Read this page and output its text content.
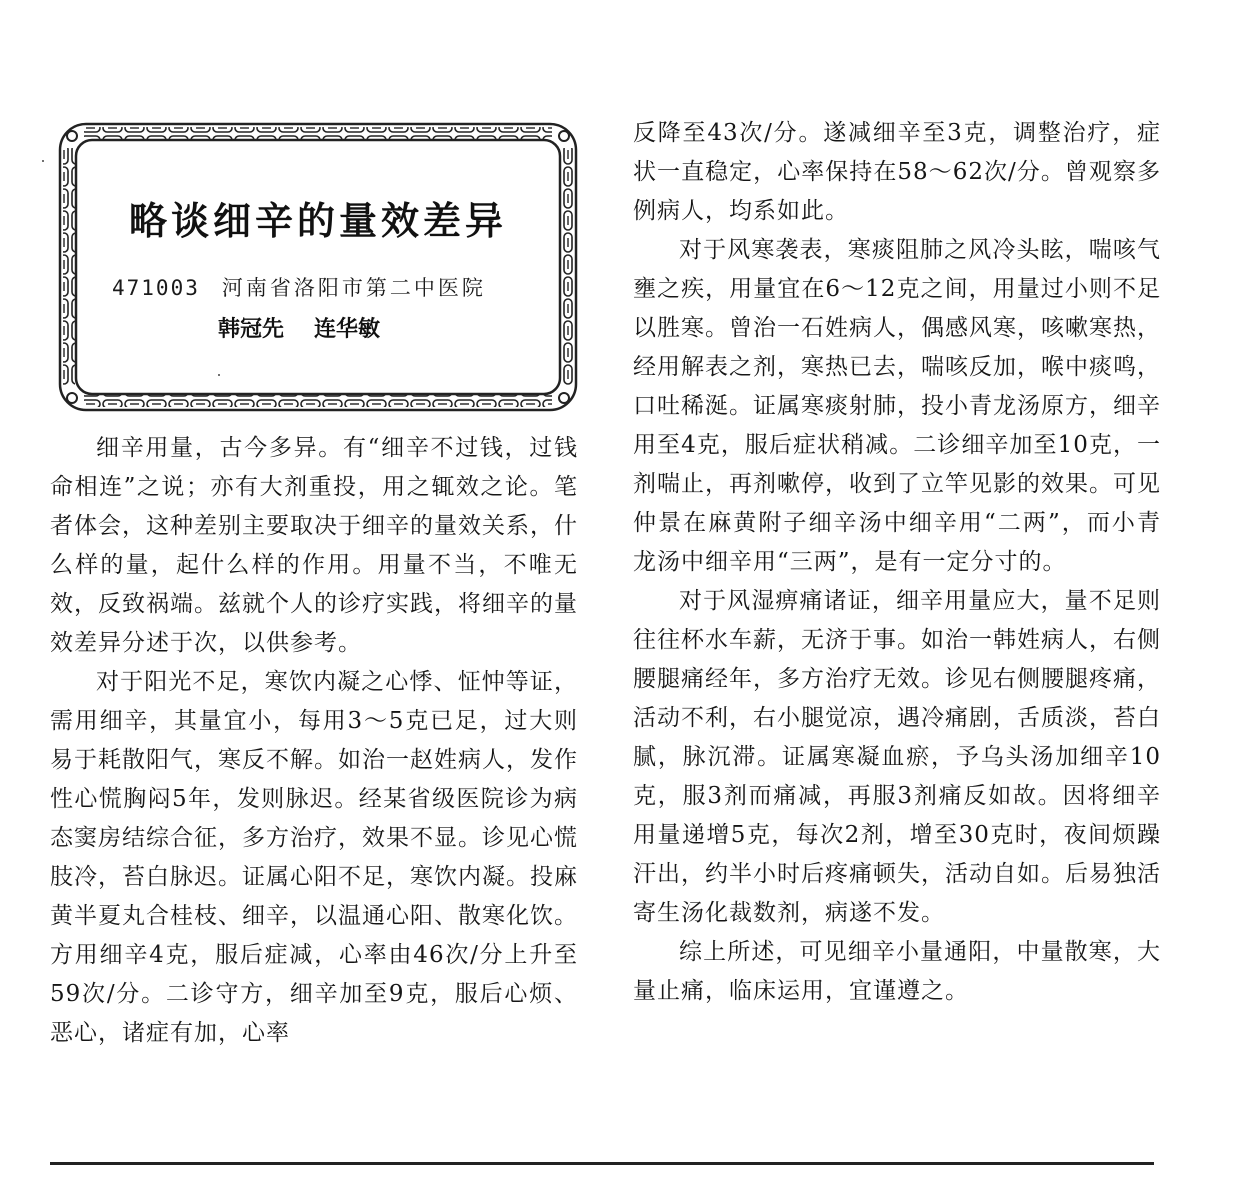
略谈细辛的量效差异
471003 河南省洛阳市第二中医院
韩冠先 连华敏

细辛用量，古今多异。有“细辛不过钱，过钱命相连”之说；亦有大剂重投，用之辄效之论。笔者体会，这种差别主要取决于细辛的量效关系，什么样的量，起什么样的作用。用量不当，不唯无效，反致祸端。兹就个人的诊疗实践，将细辛的量效差异分述于次，以供参考。

对于阳光不足，寒饮内凝之心悸、怔忡等证，需用细辛，其量宜小，每用3～5克已足，过大则易于耗散阳气，寒反不解。如治一赵姓病人，发作性心慌胸闷5年，发则脉迟。经某省级医院诊为病态窦房结综合征，多方治疗，效果不显。诊见心慌肢冷，苔白脉迟。证属心阳不足，寒饮内凝。投麻黄半夏丸合桂枝、细辛，以温通心阳、散寒化饮。方用细辛4克，服后症减，心率由46次/分上升至59次/分。二诊守方，细辛加至9克，服后心烦、恶心，诸症有加，心率

反降至43次/分。遂减细辛至3克，调整治疗，症状一直稳定，心率保持在58～62次/分。曾观察多例病人，均系如此。

对于风寒袭表，寒痰阻肺之风冷头眩，喘咳气壅之疾，用量宜在6～12克之间，用量过小则不足以胜寒。曾治一石姓病人，偶感风寒，咳嗽寒热，经用解表之剂，寒热已去，喘咳反加，喉中痰鸣，口吐稀涎。证属寒痰射肺，投小青龙汤原方，细辛用至4克，服后症状稍减。二诊细辛加至10克，一剂喘止，再剂嗽停，收到了立竿见影的效果。可见仲景在麻黄附子细辛汤中细辛用“二两”，而小青龙汤中细辛用“三两”，是有一定分寸的。

对于风湿痹痛诸证，细辛用量应大，量不足则往往杯水车薪，无济于事。如治一韩姓病人，右侧腰腿痛经年，多方治疗无效。诊见右侧腰腿疼痛，活动不利，右小腿觉凉，遇冷痛剧，舌质淡，苔白腻，脉沉滞。证属寒凝血瘀，予乌头汤加细辛10克，服3剂而痛减，再服3剂痛反如故。因将细辛用量递增5克，每次2剂，增至30克时，夜间烦躁汗出，约半小时后疼痛顿失，活动自如。后易独活寄生汤化裁数剂，病遂不发。

综上所述，可见细辛小量通阳，中量散寒，大量止痛，临床运用，宜谨遵之。
